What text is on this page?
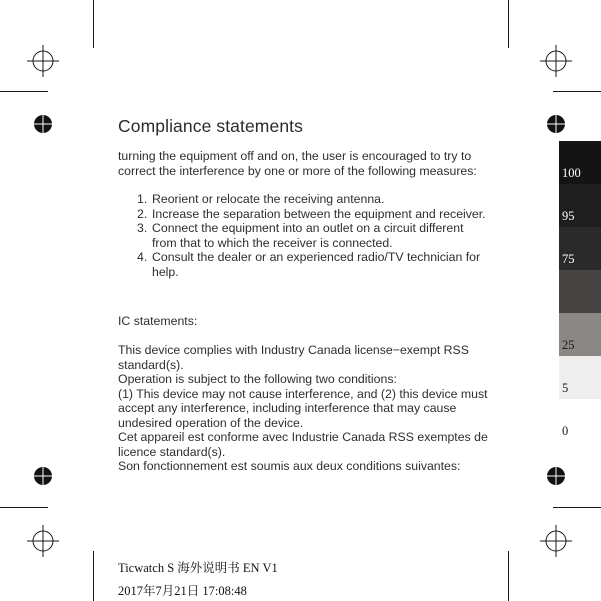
Compliance statements

turning the equipment off and on, the user is encouraged to try to correct the interference by one or more of the following measures:

1. Reorient or relocate the receiving antenna.
2. Increase the separation between the equipment and receiver.
3. Connect the equipment into an outlet on a circuit different from that to which the receiver is connected.
4. Consult the dealer or an experienced radio/TV technician for help.
IC statements:

This device complies with Industry Canada license−exempt RSS standard(s).

Operation is subject to the following two conditions:

(1) This device may not cause interference, and (2) this device must accept any interference, including interference that may cause undesired operation of the device.

Cet appareil est conforme avec Industrie Canada RSS exemptes de licence standard(s).

Son fonctionnement est soumis aux deux conditions suivantes:

100
95
75
25
5
0
Ticwatch S 海外说明书 EN V1
2017年7月21日 17:08:48
